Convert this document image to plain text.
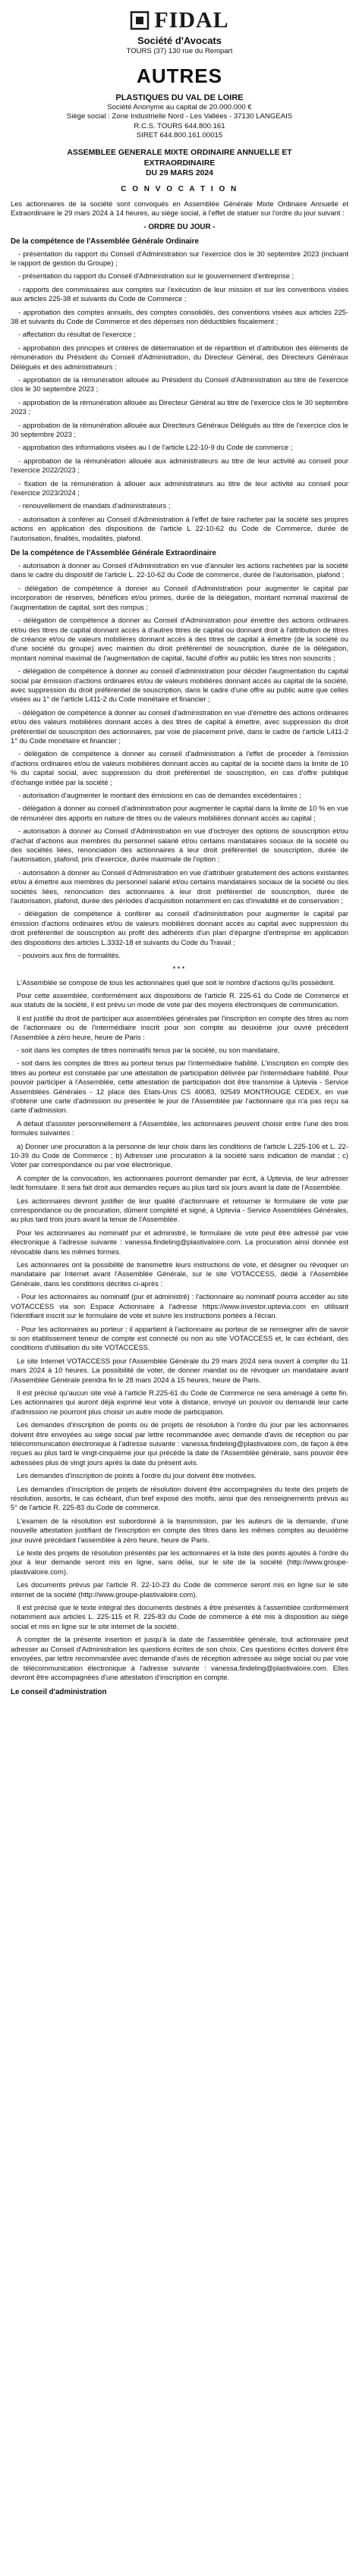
FIDAL
Société d'Avocats
TOURS (37) 130 rue du Rempart
AUTRES
PLASTIQUES DU VAL DE LOIRE
Société Anonyme au capital de 20.000.000 €
Siège social : Zone Industrielle Nord - Les Vallées - 37130 LANGEAIS
R.C.S. TOURS 644.800.161
SIRET 644.800.161.00015
ASSEMBLEE GENERALE MIXTE ORDINAIRE ANNUELLE ET
EXTRAORDINAIRE
DU 29 MARS 2024
C O N V O C A T I O N

Les actionnaires de la société sont convoqués en Assemblée Générale Mixte Ordinaire Annuelle et Extraordinaire le 29 mars 2024 à 14 heures, au siège social, à l'effet de statuer sur l'ordre du jour suivant :

- ORDRE DU JOUR -
De la compétence de l'Assemblée Générale Ordinaire

- présentation du rapport du Conseil d'Administration sur l'exercice clos le 30 septembre 2023 (incluant le rapport de gestion du Groupe) ;

- présentation du rapport du Conseil d'Administration sur le gouvernement d'entreprise ;

- rapports des commissaires aux comptes sur l'exécution de leur mission et sur les conventions visées aux articles 225-38 et suivants du Code de Commerce ;

- approbation des comptes annuels, des comptes consolidés, des conventions visées aux articles 225-38 et suivants du Code de Commerce et des dépenses non déductibles fiscalement ;

- affectation du résultat de l'exercice ;

- approbation des principes et critères de détermination et de répartition et d'attribution des éléments de rémunération du Président du Conseil d'Administration, du Directeur Général, des Directeurs Généraux Délégués et des administrateurs ;

- approbation de la rémunération allouée au Président du Conseil d'Administration au titre de l'exercice clos le 30 septembre 2023 ;

- approbation de la rémunération allouée au Directeur Général au titre de l'exercice clos le 30 septembre 2023 ;

- approbation de la rémunération allouée aux Directeurs Généraux Délégués au titre de l'exercice clos le 30 septembre 2023 ;

- approbation des informations visées au I de l'article L22-10-9 du Code de commerce ;

- approbation de la rémunération allouée aux administrateurs au titre de leur activité au conseil pour l'exercice 2022/2023 ;

- fixation de la rémunération à allouer aux administrateurs au titre de leur activité au conseil pour l'exercice 2023/2024 ;

- renouvellement de mandats d'administrateurs ;

- autorisation à conférer au Conseil d'Administration à l'effet de faire racheter par la société ses propres actions en application des dispositions de l'article L 22-10-62 du Code de Commerce, durée de l'autorisation, finalités, modalités, plafond.

De la compétence de l'Assemblée Générale Extraordinaire

- autorisation à donner au Conseil d'Administration en vue d'annuler les actions rachetées par la société dans le cadre du dispositif de l'article L. 22-10-62 du Code de commerce, durée de l'autorisation, plafond ;

- délégation de compétence à donner au Conseil d'Administration pour augmenter le capital par incorporation de réserves, bénéfices et/ou primes, durée de la délégation, montant nominal maximal de l'augmentation de capital, sort des rompus ;

- délégation de compétence à donner au Conseil d'Administration pour émettre des actions ordinaires et/ou des titres de capital donnant accès à d'autres titres de capital ou donnant droit à l'attribution de titres de créance et/ou de valeurs mobilières donnant accès à des titres de capital à émettre (de la société ou d'une société du groupe) avec maintien du droit préférentiel de souscription, durée de la délégation, montant nominal maximal de l'augmentation de capital, faculté d'offrir au public les titres non souscrits ;

- délégation de compétence à donner au conseil d'administration pour décider l'augmentation du capital social par émission d'actions ordinaires et/ou de valeurs mobilières donnant accès au capital de la société, avec suppression du droit préférentiel de souscription, dans le cadre d'une offre au public autre que celles visées au 1° de l'article L411-2 du Code monétaire et financier ;

- délégation de compétence à donner au conseil d'administration en vue d'émettre des actions ordinaires et/ou des valeurs mobilières donnant accès à des titres de capital à émettre, avec suppression du droit préférentiel de souscription des actionnaires, par voie de placement privé, dans le cadre de l'article L411-2 1° du Code monétaire et financier ;

- délégation de compétence à donner au conseil d'administration à l'effet de procéder à l'émission d'actions ordinaires et/ou de valeurs mobilières donnant accès au capital de la société dans la limite de 10 % du capital social, avec suppression du droit préférentiel de souscription, en cas d'offre publique d'échange initiée par la société ;

- autorisation d'augmenter le montant des émissions en cas de demandes excédentaires ;

- délégation à donner au conseil d'administration pour augmenter le capital dans la limite de 10 % en vue de rémunérer des apports en nature de titres ou de valeurs mobilières donnant accès au capital ;

- autorisation à donner au Conseil d'Administration en vue d'octroyer des options de souscription et/ou d'achat d'actions aux membres du personnel salarié et/ou certains mandataires sociaux de la société ou des sociétés liées, renonciation des actionnaires à leur droit préférentiel de souscription, durée de l'autorisation, plafond, prix d'exercice, durée maximale de l'option ;

- autorisation à donner au Conseil d'Administration en vue d'attribuer gratuitement des actions existantes et/ou à émettre aux membres du personnel salarié et/ou certains mandataires sociaux de la société ou des sociétés liées, renonciation des actionnaires à leur droit préférentiel de souscription, durée de l'autorisation, plafond, durée des périodes d'acquisition notamment en cas d'invalidité et de conservation ;

- délégation de compétence à conférer au conseil d'administration pour augmenter le capital par émission d'actions ordinaires et/ou de valeurs mobilières donnant accès au capital avec suppression du droit préférentiel de souscription au profit des adhérents d'un plan d'épargne d'entreprise en application des dispositions des articles L.3332-18 et suivants du Code du Travail ;

- pouvoirs aux fins de formalités.

***

L'Assemblée se compose de tous les actionnaires quel que soit le nombre d'actions qu'ils possèdent.

Pour cette assemblée, conformément aux dispositions de l'article R. 225-61 du Code de Commerce et aux statuts de la société, il est prévu un mode de vote par des moyens électroniques de communication.

Il est justifié du droit de participer aux assemblées générales par l'inscription en compte des titres au nom de l'actionnaire ou de l'intermédiaire inscrit pour son compte au deuxième jour ouvré précédent l'Assemblée à zéro heure, heure de Paris :

- soit dans les comptes de titres nominatifs tenus par la société, ou son mandataire,

- soit dans les comptes de titres au porteur tenus par l'intermédiaire habilité. L'inscription en compte des titres au porteur est constatée par une attestation de participation délivrée par l'intermédiaire habilité. Pour pouvoir participer à l'Assemblée, cette attestation de participation doit être transmise à Uptevia - Service Assemblées Générales - 12 place des Etats-Unis CS 40083, 92549 MONTROUGE CEDEX, en vue d'obtenir une carte d'admission ou présentée le jour de l'Assemblée par l'actionnaire qui n'a pas reçu sa carte d'admission.

A défaut d'assister personnellement à l'Assemblée, les actionnaires peuvent choisir entre l'une des trois formules suivantes :

a) Donner une procuration à la personne de leur choix dans les conditions de l'article L.225-106 et L. 22-10-39 du Code de Commerce ; b) Adresser une procuration à la société sans indication de mandat ; c) Voter par correspondance ou par voie électronique.

A compter de la convocation, les actionnaires pourront demander par écrit, à Uptevia, de leur adresser ledit formulaire. Il sera fait droit aux demandes reçues au plus tard six jours avant la date de l'Assemblée.

Les actionnaires devront justifier de leur qualité d'actionnaire et retourner le formulaire de vote par correspondance ou de procuration, dûment complété et signé, à Uptevia - Service Assemblées Générales, au plus tard trois jours avant la tenue de l'Assemblée.

Pour les actionnaires au nominatif pur et administré, le formulaire de vote peut être adressé par voie électronique à l'adresse suivante : vanessa.findeling@plastivaloire.com. La procuration ainsi donnée est révocable dans les mêmes formes.

Les actionnaires ont la possibilité de transmettre leurs instructions de vote, et désigner ou révoquer un mandataire par Internet avant l'Assemblée Générale, sur le site VOTACCESS, dédié à l'Assemblée Générale, dans les conditions décrites ci-après :

- Pour les actionnaires au nominatif (pur et administré) : l'actionnaire au nominatif pourra accéder au site VOTACCESS via son Espace Actionnaire à l'adresse https://www.investor.uptevia.com en utilisant l'identifiant inscrit sur le formulaire de vote et suivre les instructions portées à l'écran.

- Pour les actionnaires au porteur : il appartient à l'actionnaire au porteur de se renseigner afin de savoir si son établissement teneur de compte est connecté ou non au site VOTACCESS et, le cas échéant, des conditions d'utilisation du site VOTACCESS.

Le site Internet VOTACCESS pour l'Assemblée Générale du 29 mars 2024 sera ouvert à compter du 11 mars 2024 à 10 heures. La possibilité de voter, de donner mandat ou de révoquer un mandataire avant l'Assemblée Générale prendra fin le 28 mars 2024 à 15 heures, heure de Paris.

Il est précisé qu'aucun site visé à l'article R.225-61 du Code de Commerce ne sera aménagé à cette fin. Les actionnaires qui auront déjà exprimé leur vote à distance, envoyé un pouvoir ou demandé leur carte d'admission ne pourront plus choisir un autre mode de participation.

Les demandes d'inscription de points ou de projets de résolution à l'ordre du jour par les actionnaires doivent être envoyées au siège social par lettre recommandée avec demande d'avis de réception ou par télécommunication électronique à l'adresse suivante : vanessa.findeling@plastivaloire.com, de façon à être reçues au plus tard le vingt-cinquième jour qui précède la date de l'Assemblée générale, sans pouvoir être adressées plus de vingt jours après la date du présent avis.

Les demandes d'inscription de points à l'ordre du jour doivent être motivées.

Les demandes d'inscription de projets de résolution doivent être accompagnées du texte des projets de résolution, assortis, le cas échéant, d'un bref exposé des motifs, ainsi que des renseignements prévus au 5° de l'article R. 225-83 du Code de commerce.

L'examen de la résolution est subordonné à la transmission, par les auteurs de la demande, d'une nouvelle attestation justifiant de l'inscription en compte des titres dans les mêmes comptes au deuxième jour ouvré précédant l'assemblée à zéro heure, heure de Paris.

Le texte des projets de résolution présentés par les actionnaires et la liste des points ajoutés à l'ordre du jour à leur demande seront mis en ligne, sans délai, sur le site de la société (http://www.groupe-plastivaloire.com).

Les documents prévus par l'article R. 22-10-23 du Code de commerce seront mis en ligne sur le site internet de la société (http://www.groupe-plastivaloire.com).

Il est précisé que le texte intégral des documents destinés à être présentés à l'assemblée conformément notamment aux articles L. 225-115 et R. 225-83 du Code de commerce à été mis à disposition au siège social et mis en ligne sur le site internet de la société.

A compter de la présente insertion et jusqu'à la date de l'assemblée générale, tout actionnaire peut adresser au Conseil d'Administration les questions écrites de son choix. Ces questions écrites doivent être envoyées, par lettre recommandée avec demande d'avis de réception adressée au siège social ou par voie de télécommunication électronique à l'adresse suivante : vanessa.findeling@plastivaloire.com. Elles devront être accompagnées d'une attestation d'inscription en compte.

Le conseil d'administration
